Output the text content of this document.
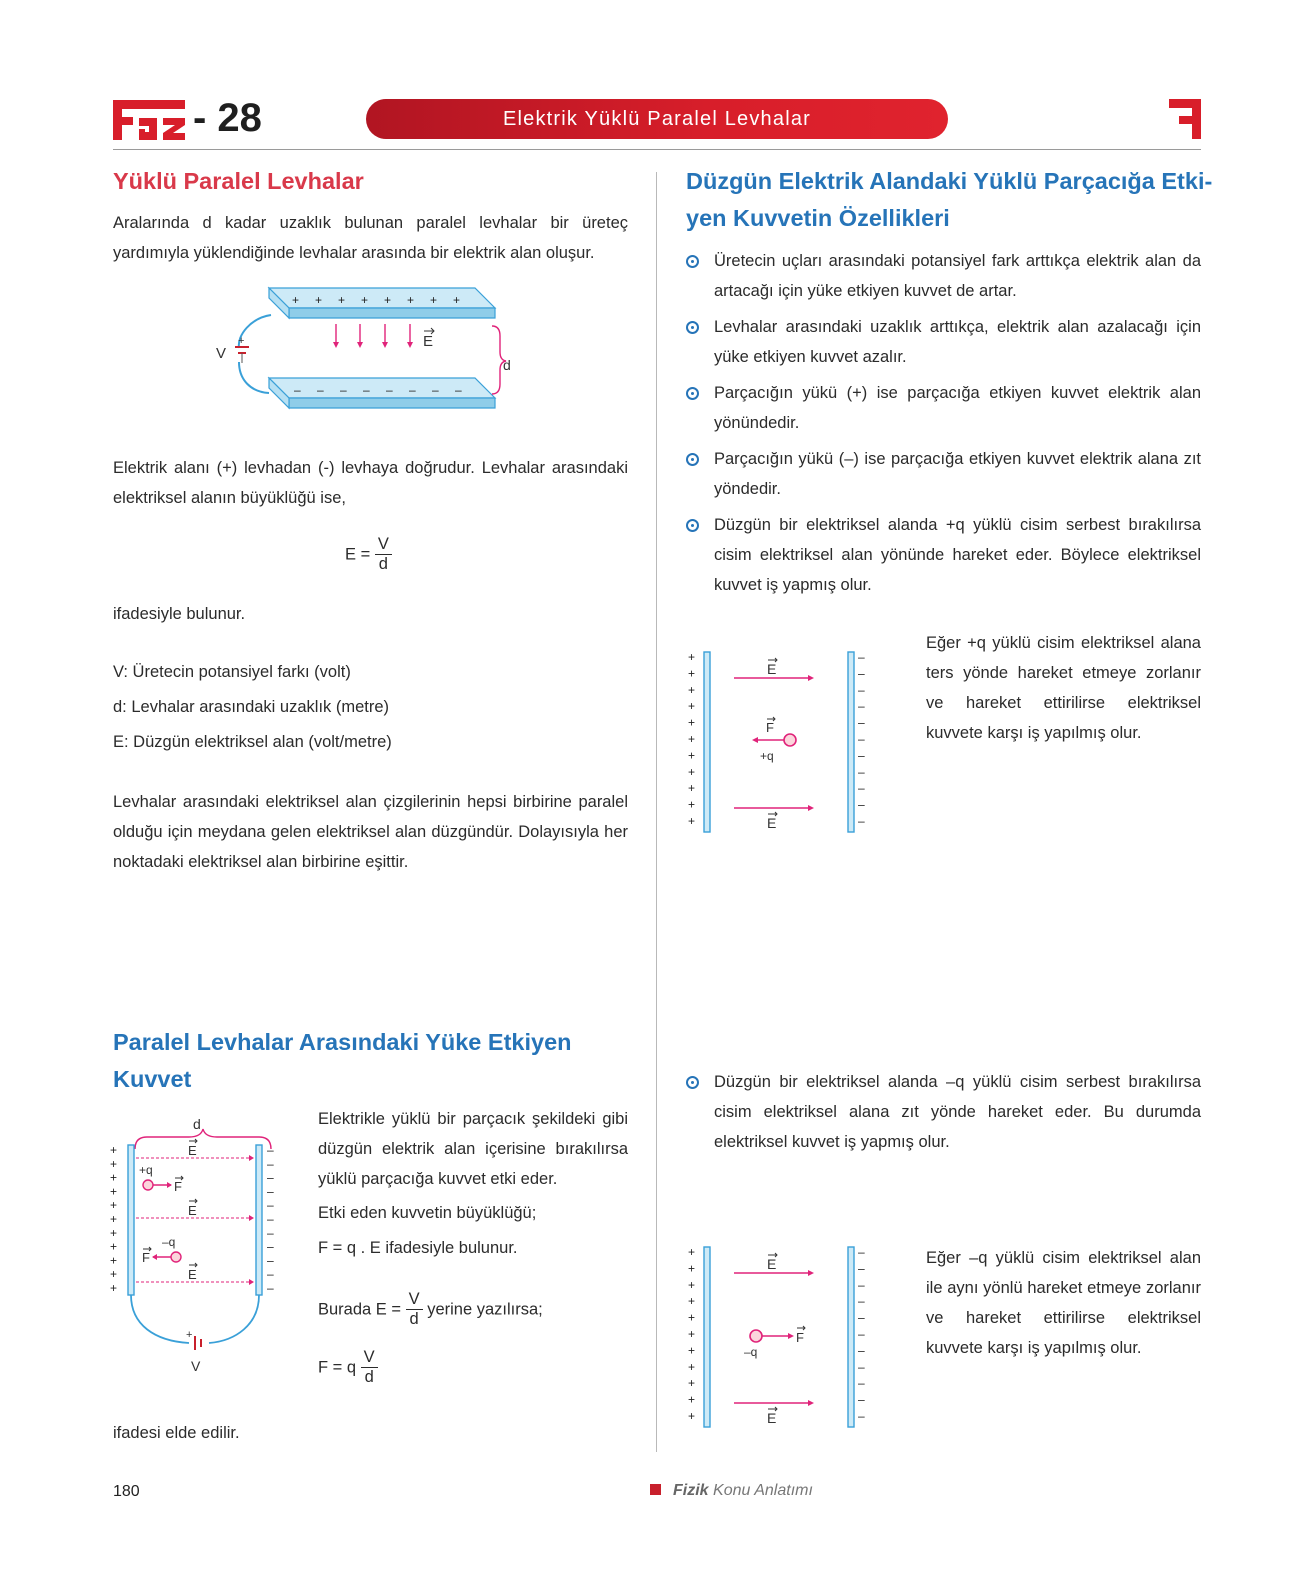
- 28	Elektrik Yüklü Paralel Levhalar
Yüklü Paralel Levhalar

Aralarında d kadar uzaklık bulunan paralel levhalar bir üreteç yardımıyla yüklendiğinde levhalar arasında bir elektrik alan oluşur.

+
V
+ + + + + + + +
– – – – – – – –
E
d

Elektrik alanı (+) levhadan (-) levhaya doğrudur. Levhalar arasındaki elektriksel alanın büyüklüğü ise,

$E = \frac{V}{d}$

ifadesiyle bulunur.

V: Üretecin potansiyel farkı (volt)

d: Levhalar arasındaki uzaklık (metre)

E: Düzgün elektriksel alan (volt/metre)

Levhalar arasındaki elektriksel alan çizgilerinin hepsi birbirine paralel olduğu için meydana gelen elektriksel alan düzgündür. Dolayısıyla her noktadaki elektriksel alan birbirine eşittir.

Paralel Levhalar Arasındaki Yüke Etkiyen
Kuvvet
d
+
+
+
+
+
+
+
+
+
+
+
–
–
–
–
–
–
–
–
–
–
–
E
E
E
+q
F
–q
F
+
V

Elektrikle yüklü bir parçacık şekildeki gibi düzgün elektrik alan içerisine bırakılırsa yüklü parçacığa kuvvet etki eder.

Etki eden kuvvetin büyüklüğü;

F = q . E ifadesiyle bulunur.

Burada $E = \frac{V}{d}$ yerine yazılırsa;
F = q $\frac{V}{d}$

ifadesi elde edilir.

Düzgün Elektrik Alandaki Yüklü Parçacığa Etki-
yen Kuvvetin Özellikleri
Üretecin uçları arasındaki potansiyel fark arttıkça elektrik alan da artacağı için yüke etkiyen kuvvet de artar.
Levhalar arasındaki uzaklık arttıkça, elektrik alan azalacağı için yüke etkiyen kuvvet azalır.
Parçacığın yükü (+) ise parçacığa etkiyen kuvvet elektrik alan yönündedir.
Parçacığın yükü (–) ise parçacığa etkiyen kuvvet elektrik alana zıt yöndedir.
Düzgün bir elektriksel alanda +q yüklü cisim serbest bırakılırsa cisim elektriksel alan yönünde hareket eder. Böylece elektriksel kuvvet iş yapmış olur.
+
+
+
+
+
+
+
+
+
+
+
–
–
–
–
–
–
–
–
–
–
–
E
E
F
+q

Eğer +q yüklü cisim elektriksel alana ters yönde hareket etmeye zorlanır ve hareket ettirilirse elektriksel kuvvete karşı iş yapılmış olur.

Düzgün bir elektriksel alanda –q yüklü cisim serbest bırakılırsa cisim elektriksel alana zıt yönde hareket eder. Bu durumda elektriksel kuvvet iş yapmış olur.
+
+
+
+
+
+
+
+
+
+
+
–
–
–
–
–
–
–
–
–
–
–
E
E
F
–q

Eğer –q yüklü cisim elektriksel alan ile aynı yönlü hareket etmeye zorlanır ve hareket ettirilirse elektriksel kuvvete karşı iş yapılmış olur.

180	Fizik Konu Anlatımı
